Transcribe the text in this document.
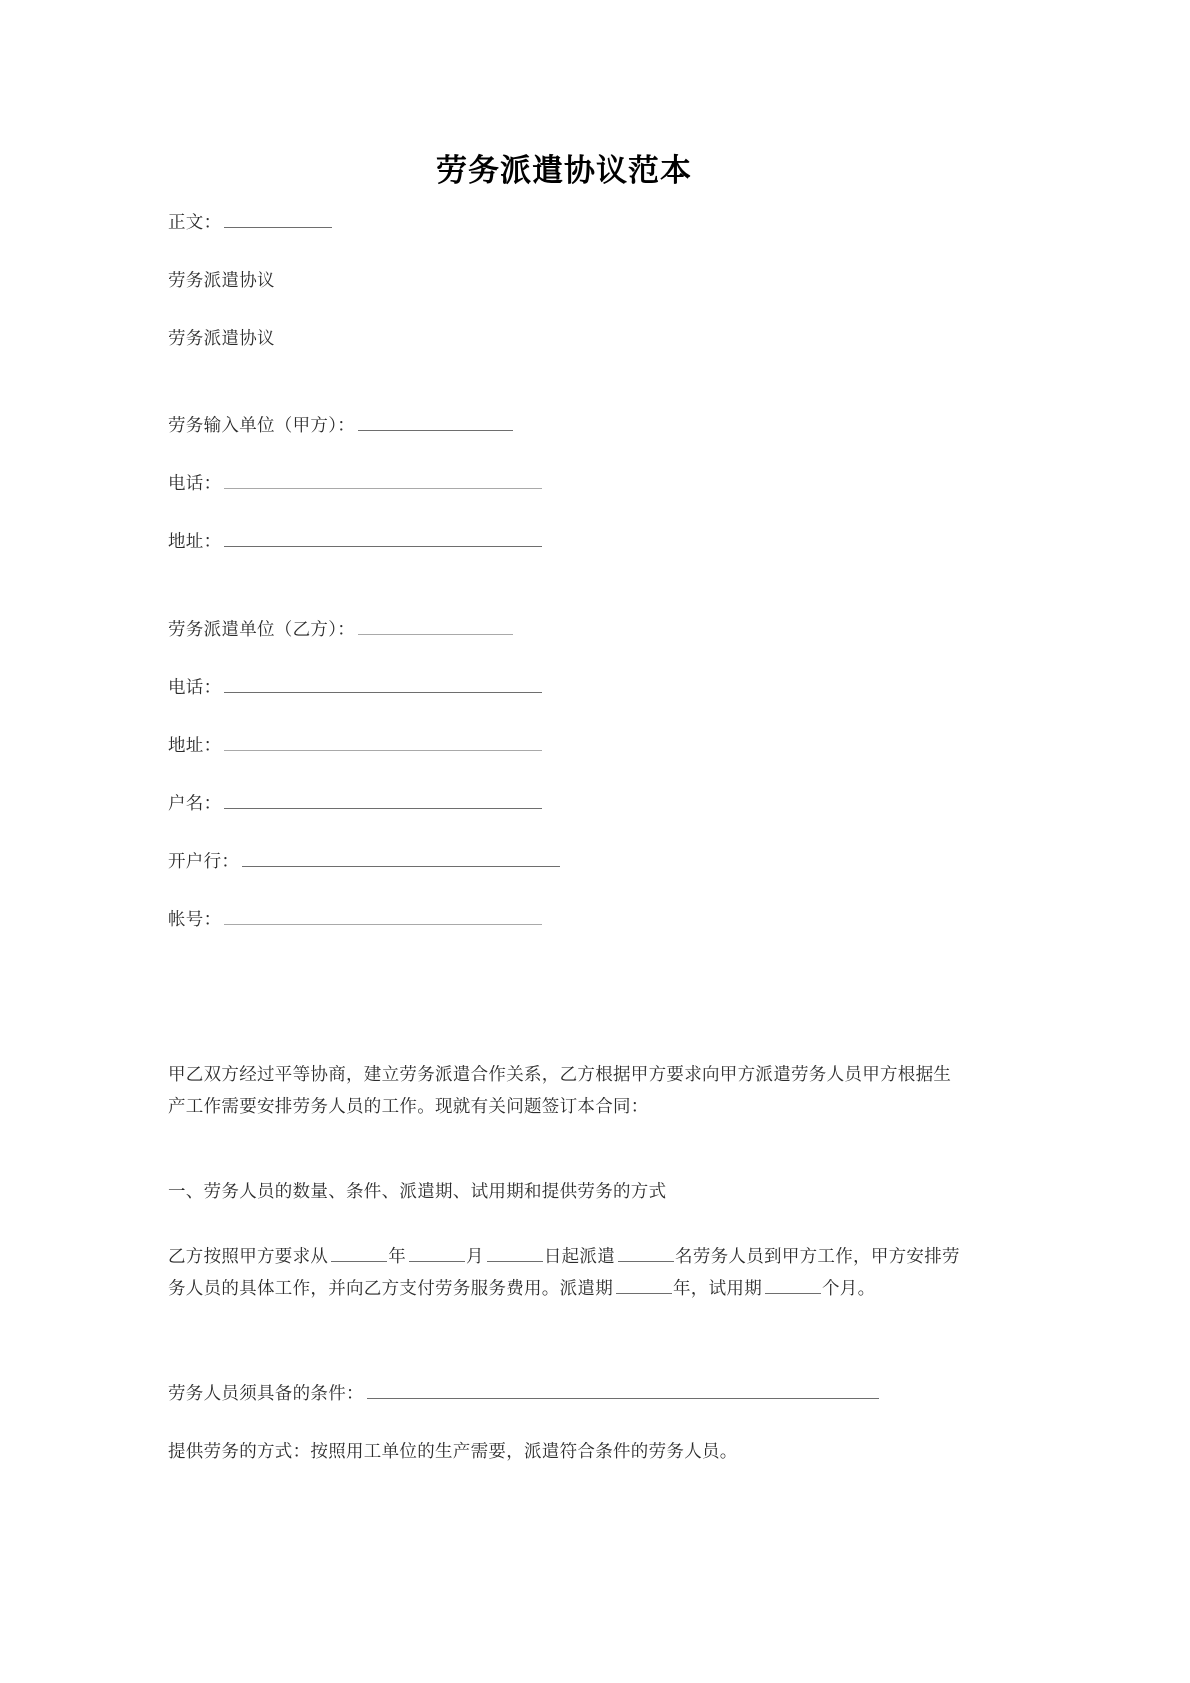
劳务派遣协议范本
正文：
劳务派遣协议
劳务派遣协议
劳务输入单位（甲方）：
电话：
地址：
劳务派遣单位（乙方）：
电话：
地址：
户名：
开户行：
帐号：
甲乙双方经过平等协商，建立劳务派遣合作关系，乙方根据甲方要求向甲方派遣劳务人员甲方根据生产工作需要安排劳务人员的工作。现就有关问题签订本合同：
一、劳务人员的数量、条件、派遣期、试用期和提供劳务的方式
乙方按照甲方要求从	年	月	日起派遣	名劳务人员到甲方工作，甲方安排劳务人员的具体工作，并向乙方支付劳务服务费用。派遣期	年，试用期	个月。
劳务人员须具备的条件：
提供劳务的方式：按照用工单位的生产需要，派遣符合条件的劳务人员。
